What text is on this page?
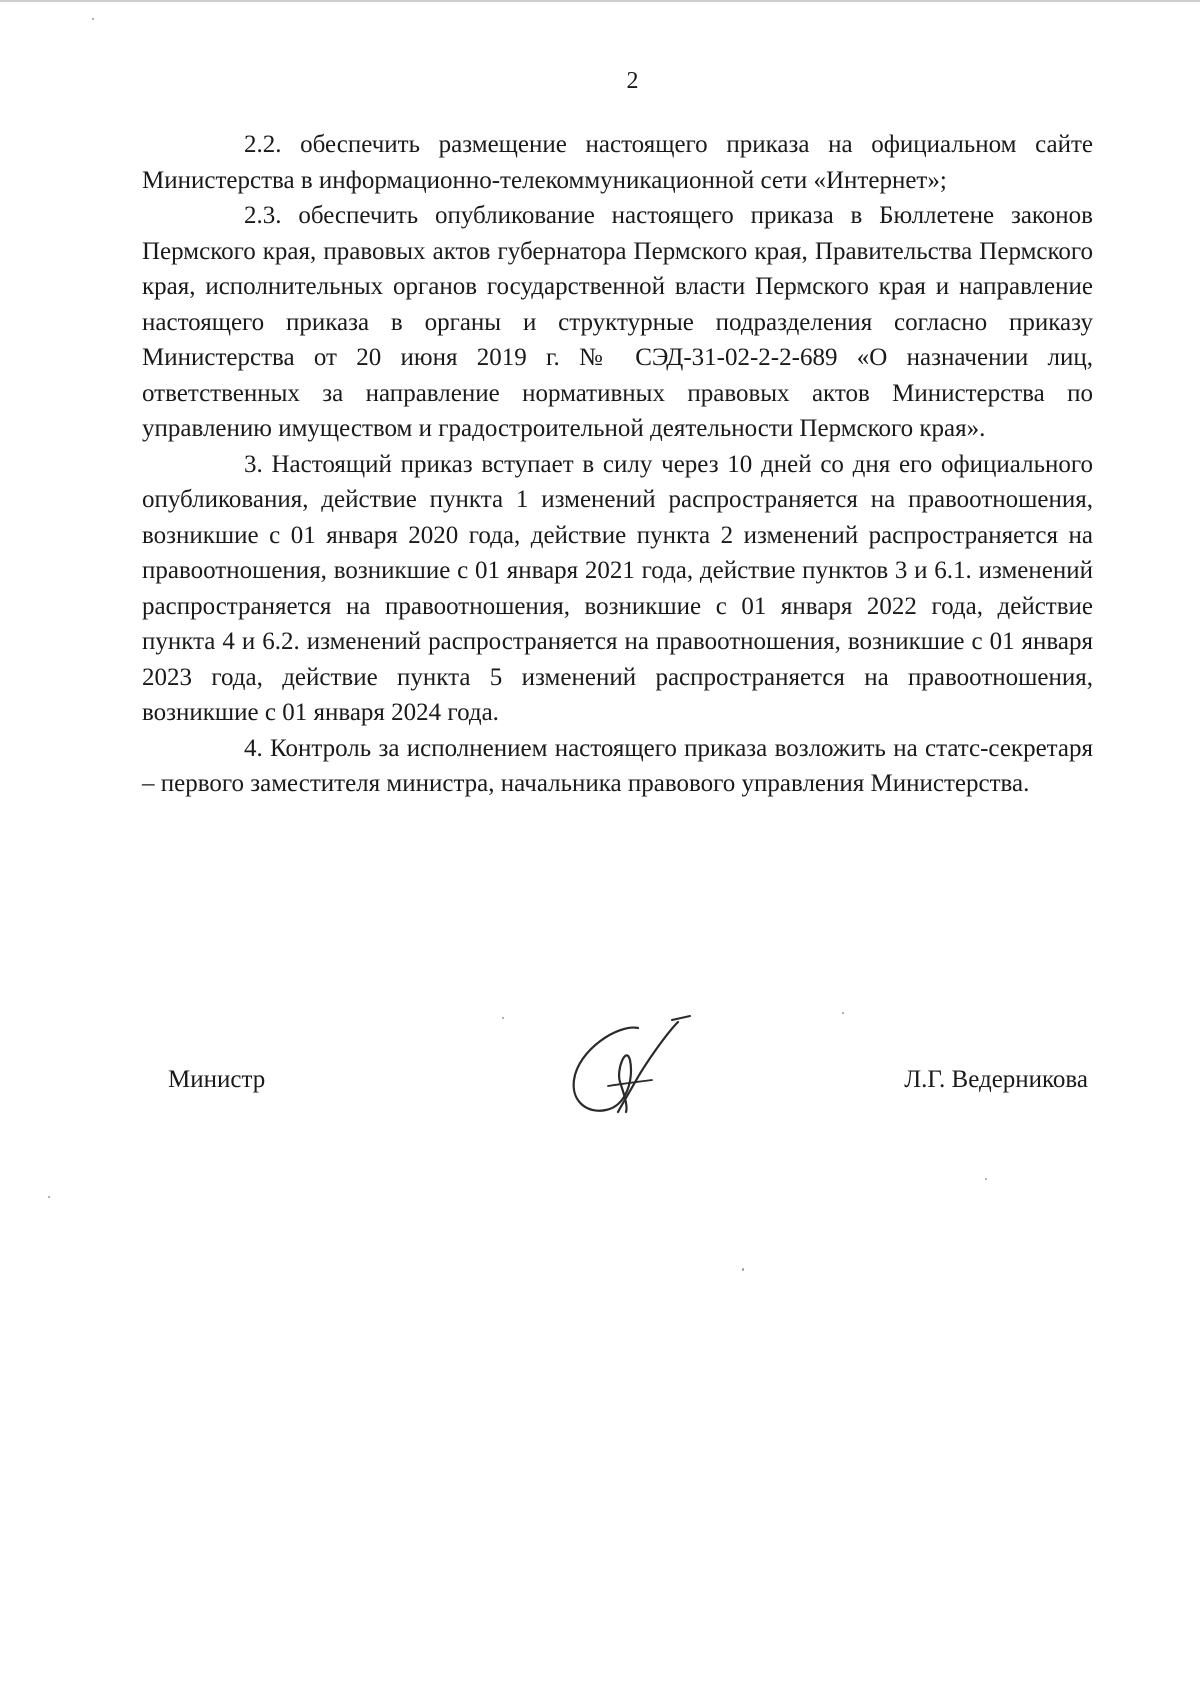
2

2.2. обеспечить размещение настоящего приказа на официальном сайте Министерства в информационно-телекоммуникационной сети «Интернет»;

2.3. обеспечить опубликование настоящего приказа в Бюллетене законов Пермского края, правовых актов губернатора Пермского края, Правительства Пермского края, исполнительных органов государственной власти Пермского края и направление настоящего приказа в органы и структурные подразделения согласно приказу Министерства от 20 июня 2019 г. № СЭД-31-02-2-2-689 «О назначении лиц, ответственных за направление нормативных правовых актов Министерства по управлению имуществом и градостроительной деятельности Пермского края».

3. Настоящий приказ вступает в силу через 10 дней со дня его официального опубликования, действие пункта 1 изменений распространяется на правоотношения, возникшие с 01 января 2020 года, действие пункта 2 изменений распространяется на правоотношения, возникшие с 01 января 2021 года, действие пунктов 3 и 6.1. изменений распространяется на правоотношения, возникшие с 01 января 2022 года, действие пункта 4 и 6.2. изменений распространяется на правоотношения, возникшие с 01 января 2023 года, действие пункта 5 изменений распространяется на правоотношения, возникшие с 01 января 2024 года.

4. Контроль за исполнением настоящего приказа возложить на статс-секретаря – первого заместителя министра, начальника правового управления Министерства.

Министр	Л.Г. Ведерникова
